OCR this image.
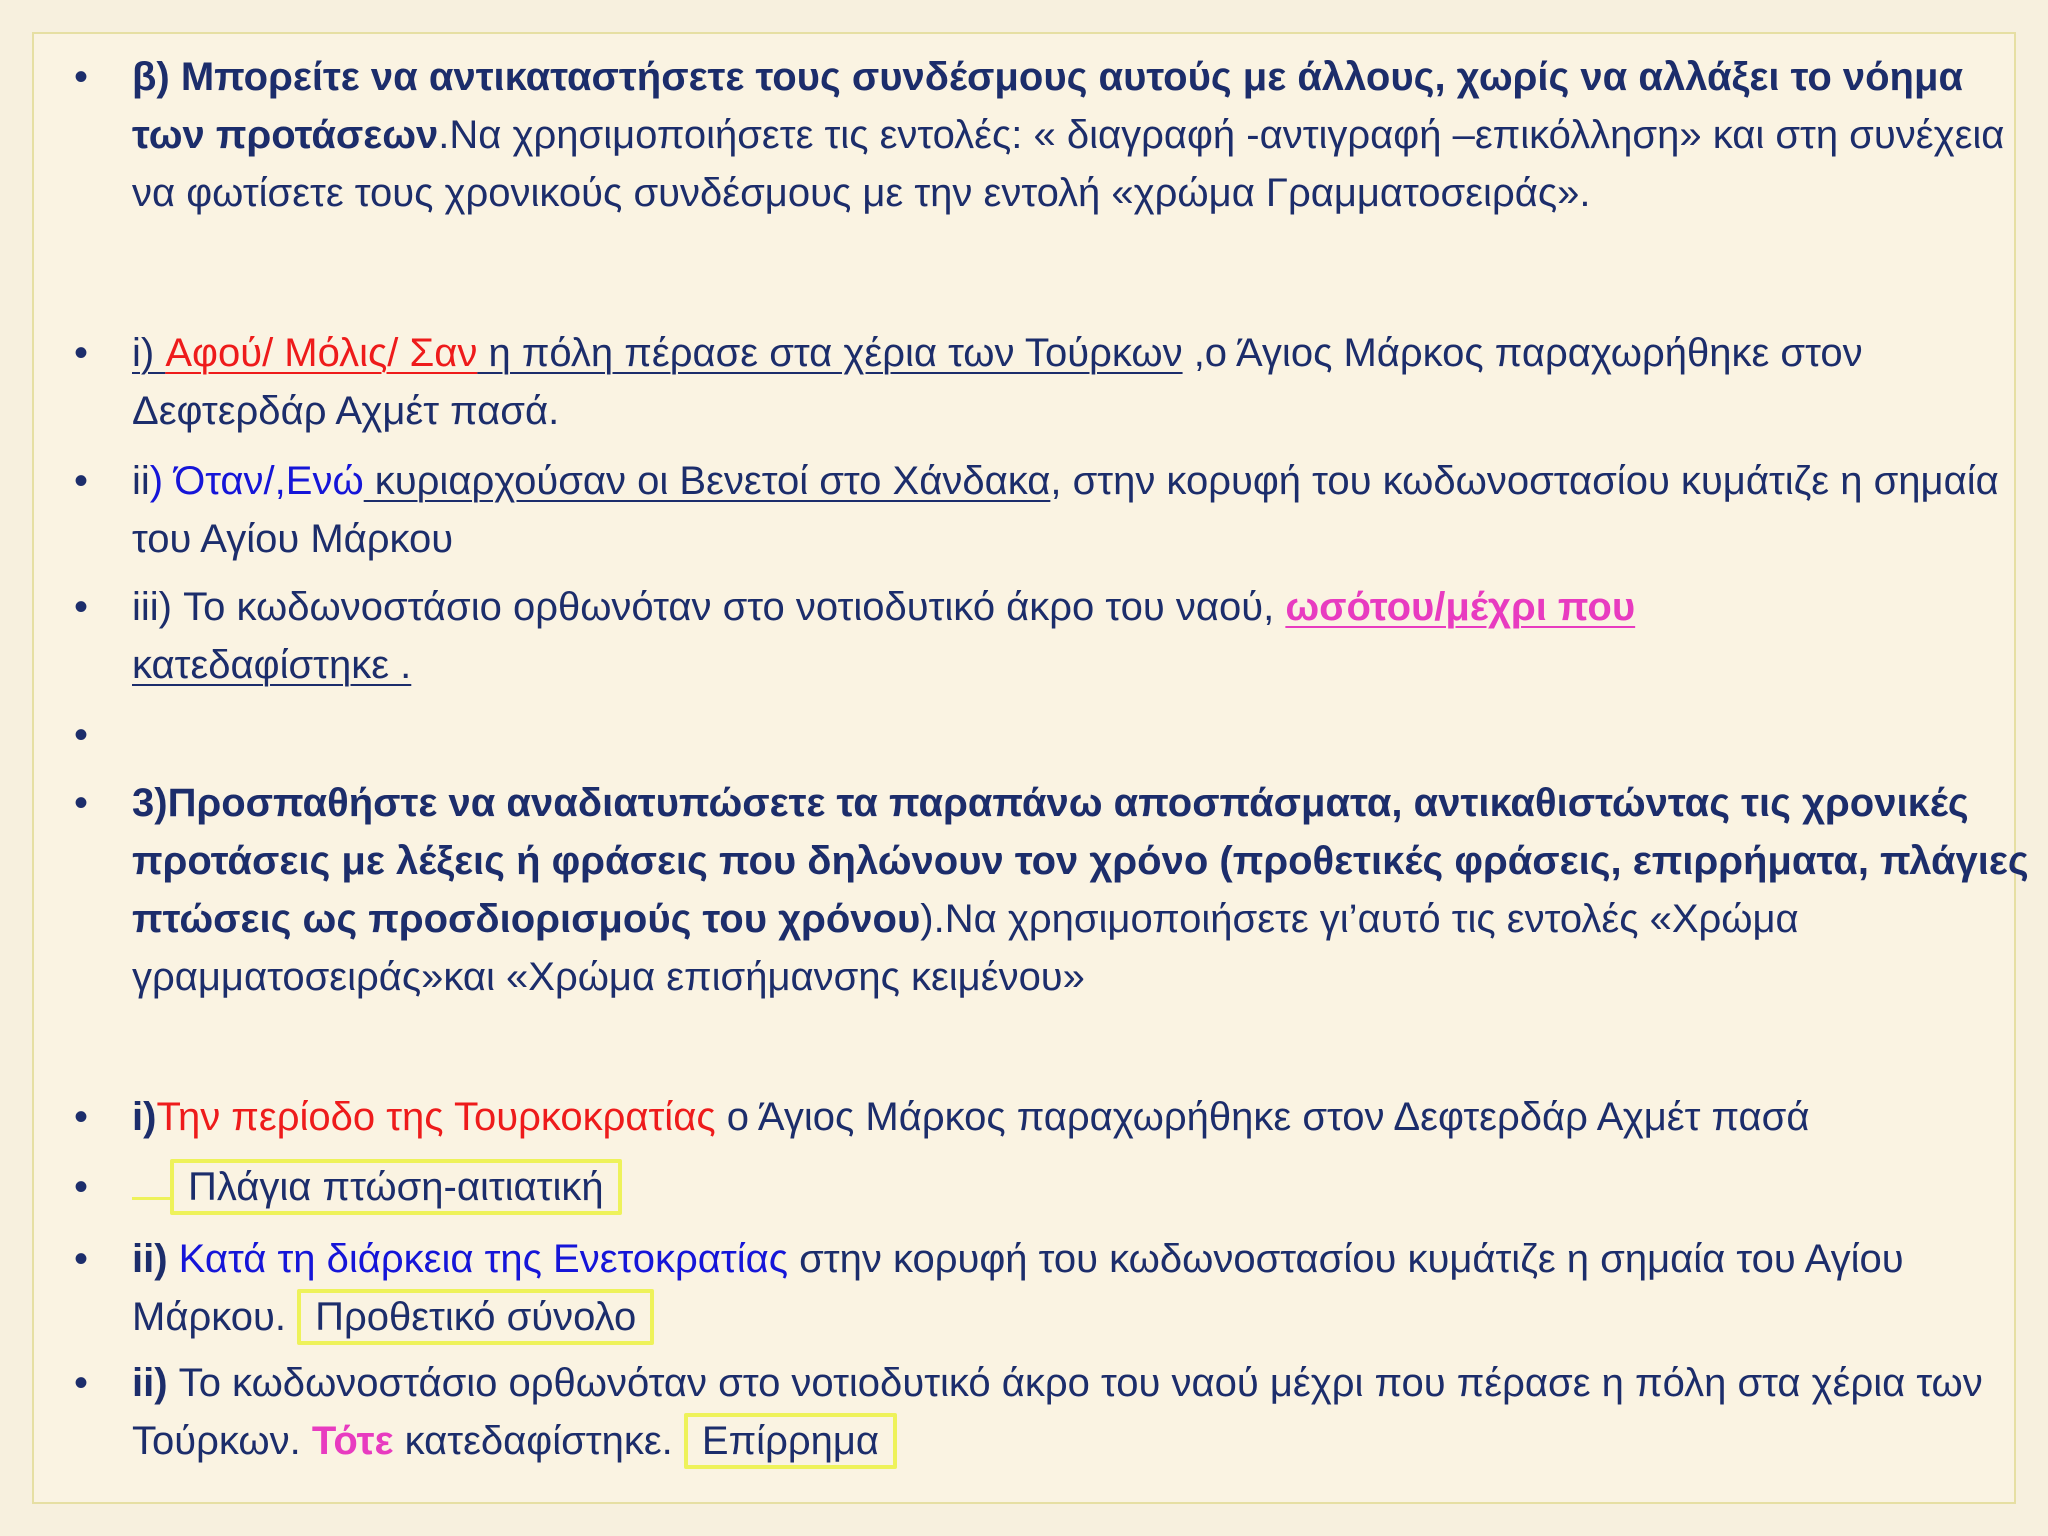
• β) Μπορείτε να αντικαταστήσετε τους συνδέσμους αυτούς με άλλους, χωρίς να αλλάξει το νόημα των προτάσεων.Να χρησιμοποιήσετε τις εντολές: « διαγραφή -αντιγραφή –επικόλληση» και στη συνέχεια να φωτίσετε τους χρονικούς συνδέσμους με την εντολή «χρώμα Γραμματοσειράς».
• i) Αφού/ Μόλις/ Σαν η πόλη πέρασε στα χέρια των Τούρκων ,ο Άγιος Μάρκος παραχωρήθηκε στον Δεφτερδάρ Αχμέτ πασά.
• ii) Όταν/,Ενώ κυριαρχούσαν οι Βενετοί στο Χάνδακα, στην κορυφή του κωδωνοστασίου κυμάτιζε η σημαία του Αγίου Μάρκου
• iii) Το κωδωνοστάσιο ορθωνόταν στο νοτιοδυτικό άκρο του ναού, ωσότου/μέχρι που
κατεδαφίστηκε .
•
• 3)Προσπαθήστε να αναδιατυπώσετε τα παραπάνω αποσπάσματα, αντικαθιστώντας τις χρονικές προτάσεις με λέξεις ή φράσεις που δηλώνουν τον χρόνο (προθετικές φράσεις, επιρρήματα, πλάγιες πτώσεις ως προσδιορισμούς του χρόνου).Να χρησιμοποιήσετε γι’αυτό τις εντολές «Χρώμα γραμματοσειράς»και «Χρώμα επισήμανσης κειμένου»
• i)Την περίοδο της Τουρκοκρατίας ο Άγιος Μάρκος παραχωρήθηκε στον Δεφτερδάρ Αχμέτ πασά
•	Πλάγια πτώση-αιτιατική
• ii) Κατά τη διάρκεια της Ενετοκρατίας στην κορυφή του κωδωνοστασίου κυμάτιζε η σημαία του Αγίου Μάρκου. Προθετικό σύνολο
• ii) Το κωδωνοστάσιο ορθωνόταν στο νοτιοδυτικό άκρο του ναού μέχρι που πέρασε η πόλη στα χέρια των Τούρκων. Τότε κατεδαφίστηκε. Επίρρημα
